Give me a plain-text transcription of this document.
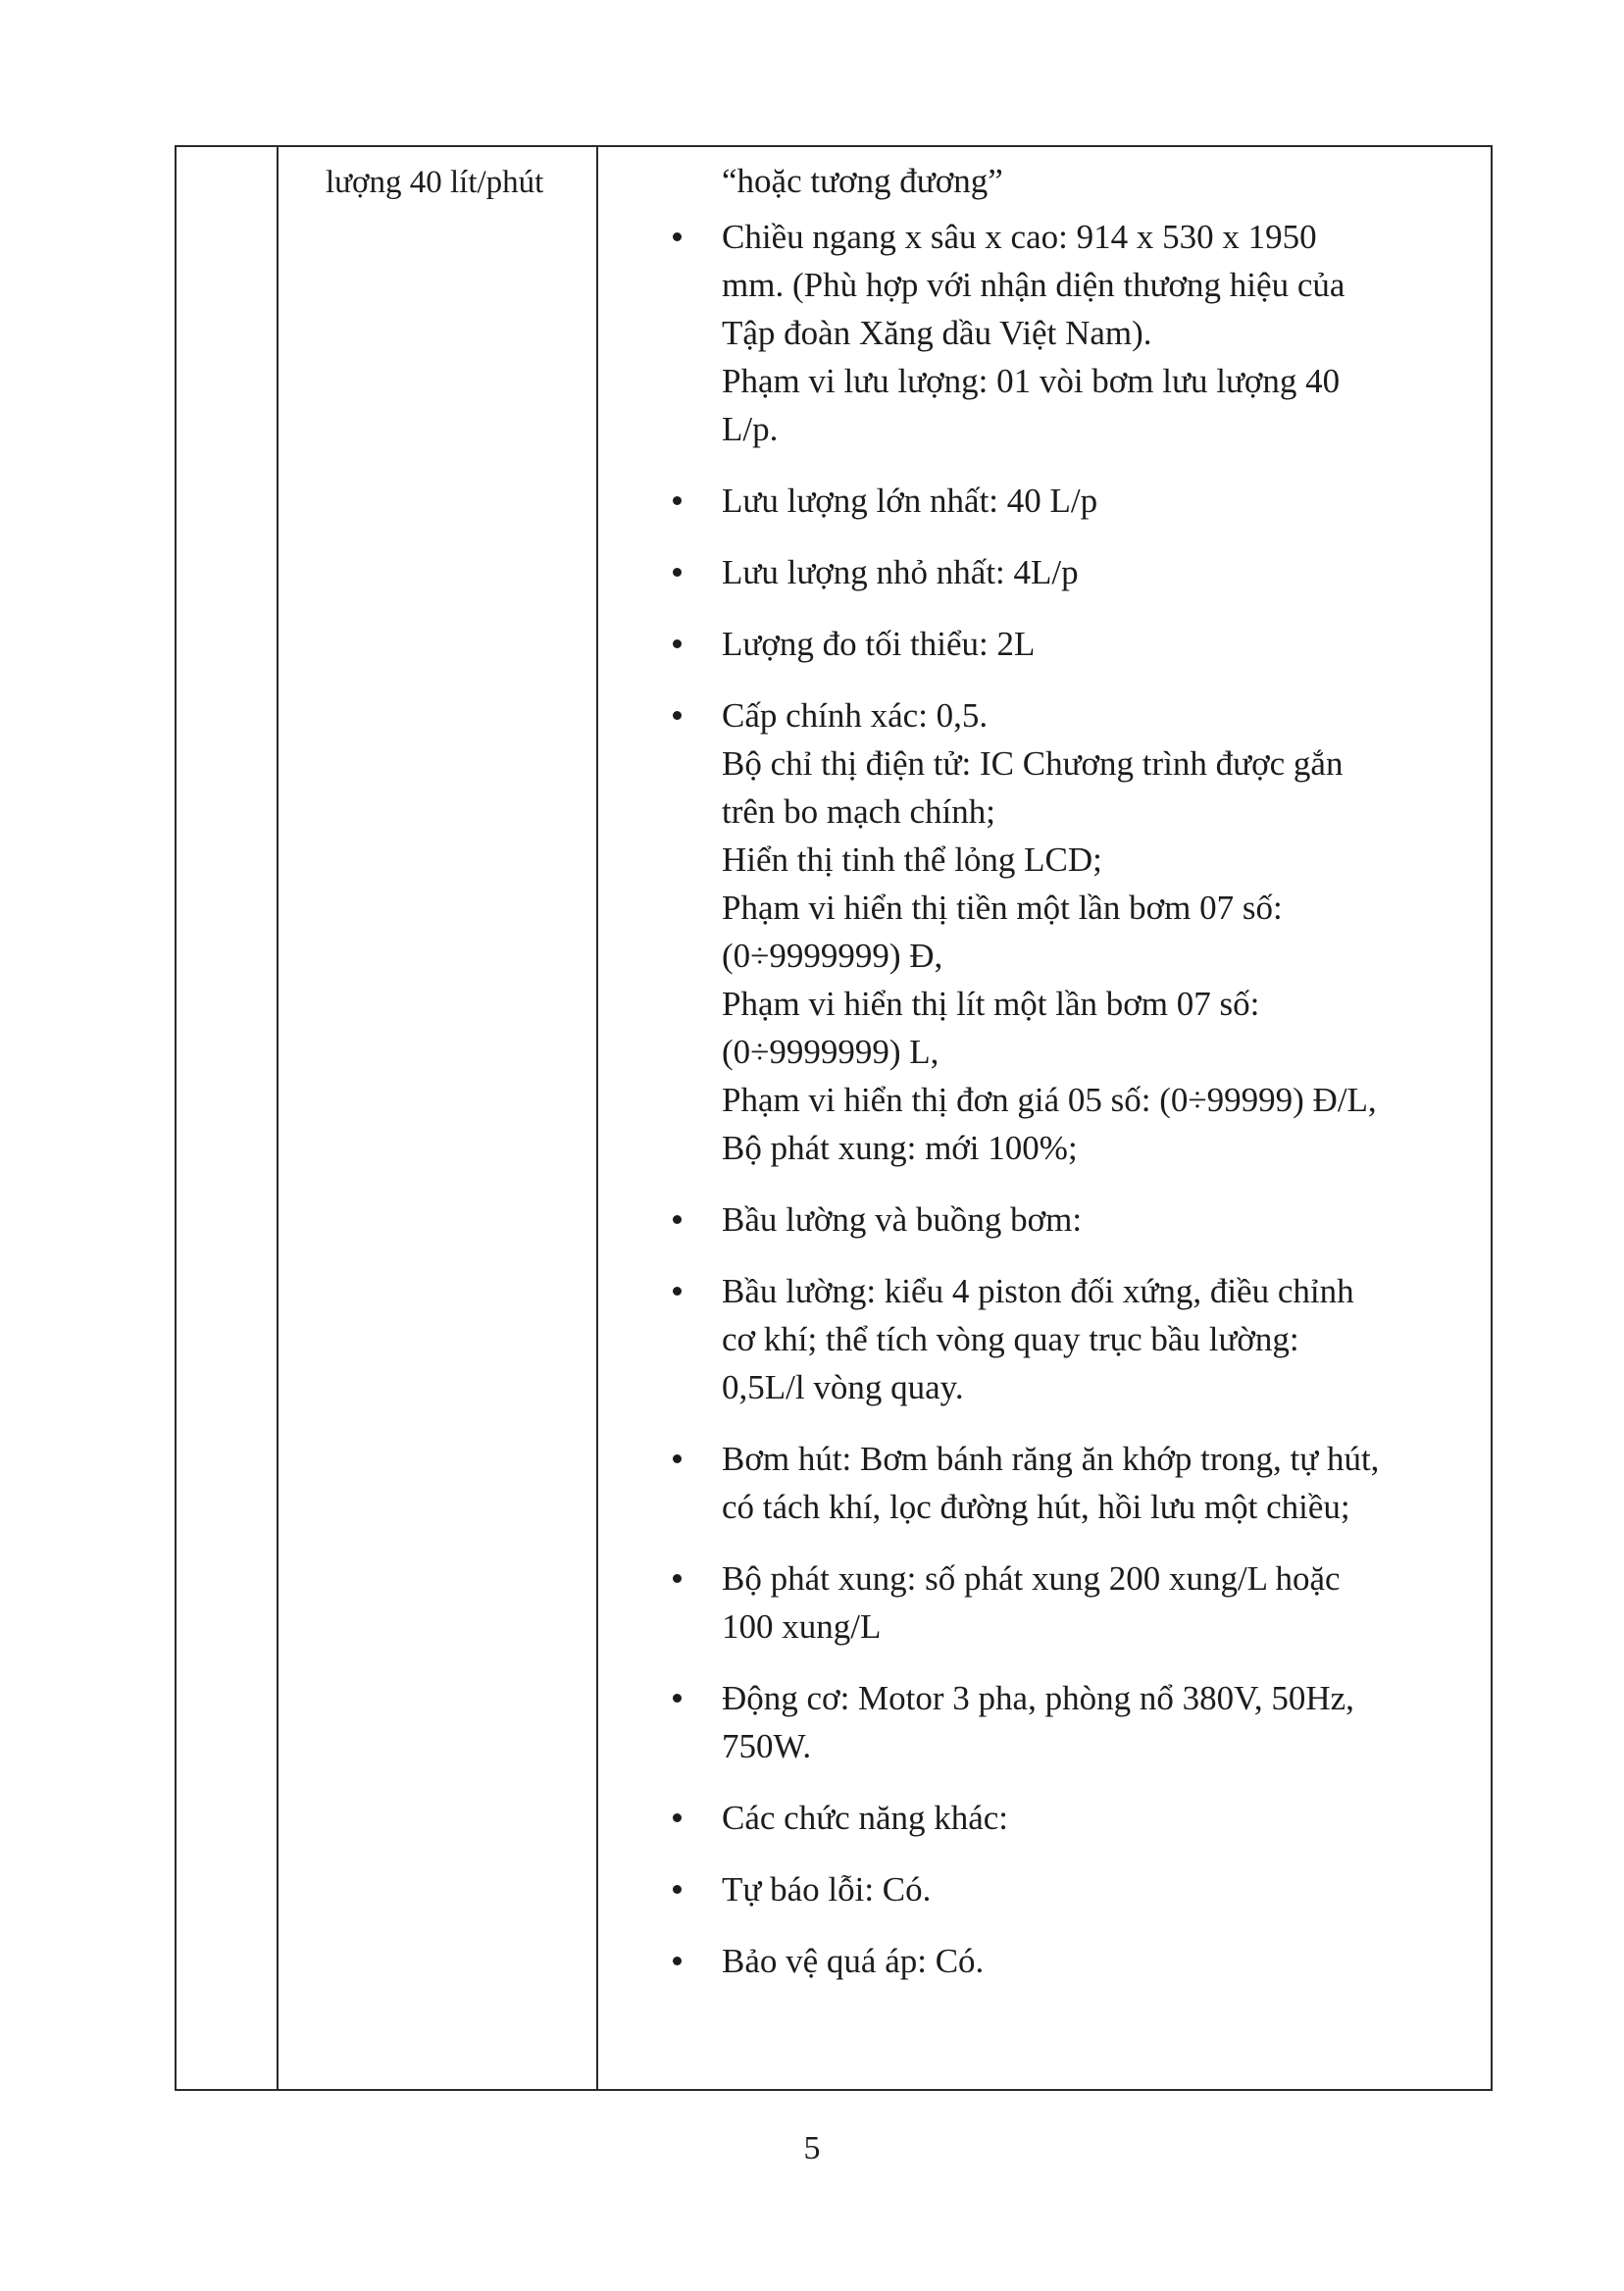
lượng 40 lít/phút	“hoặc tương đương”
Chiều ngang x sâu x cao: 914 x 530 x 1950
mm. (Phù hợp với nhận diện thương hiệu của
Tập đoàn Xăng dầu Việt Nam).
Phạm vi lưu lượng: 01 vòi bơm lưu lượng 40
L/p.
Lưu lượng lớn nhất: 40 L/p
Lưu lượng nhỏ nhất: 4L/p
Lượng đo tối thiểu: 2L
Cấp chính xác: 0,5.
Bộ chỉ thị điện tử: IC Chương trình được gắn
trên bo mạch chính;
Hiển thị tinh thể lỏng LCD;
Phạm vi hiển thị tiền một lần bơm 07 số:
(0÷9999999) Đ,
Phạm vi hiển thị lít một lần bơm 07 số:
(0÷9999999) L,
Phạm vi hiển thị đơn giá 05 số: (0÷99999) Đ/L,
Bộ phát xung: mới 100%;
Bầu lường và buồng bơm:
Bầu lường: kiểu 4 piston đối xứng, điều chỉnh
cơ khí; thể tích vòng quay trục bầu lường:
0,5L/l vòng quay.
Bơm hút: Bơm bánh răng ăn khớp trong, tự hút,
có tách khí, lọc đường hút, hồi lưu một chiều;
Bộ phát xung: số phát xung 200 xung/L hoặc
100 xung/L
Động cơ: Motor 3 pha, phòng nổ 380V, 50Hz,
750W.
Các chức năng khác:
Tự báo lỗi: Có.
Bảo vệ quá áp: Có.
5
